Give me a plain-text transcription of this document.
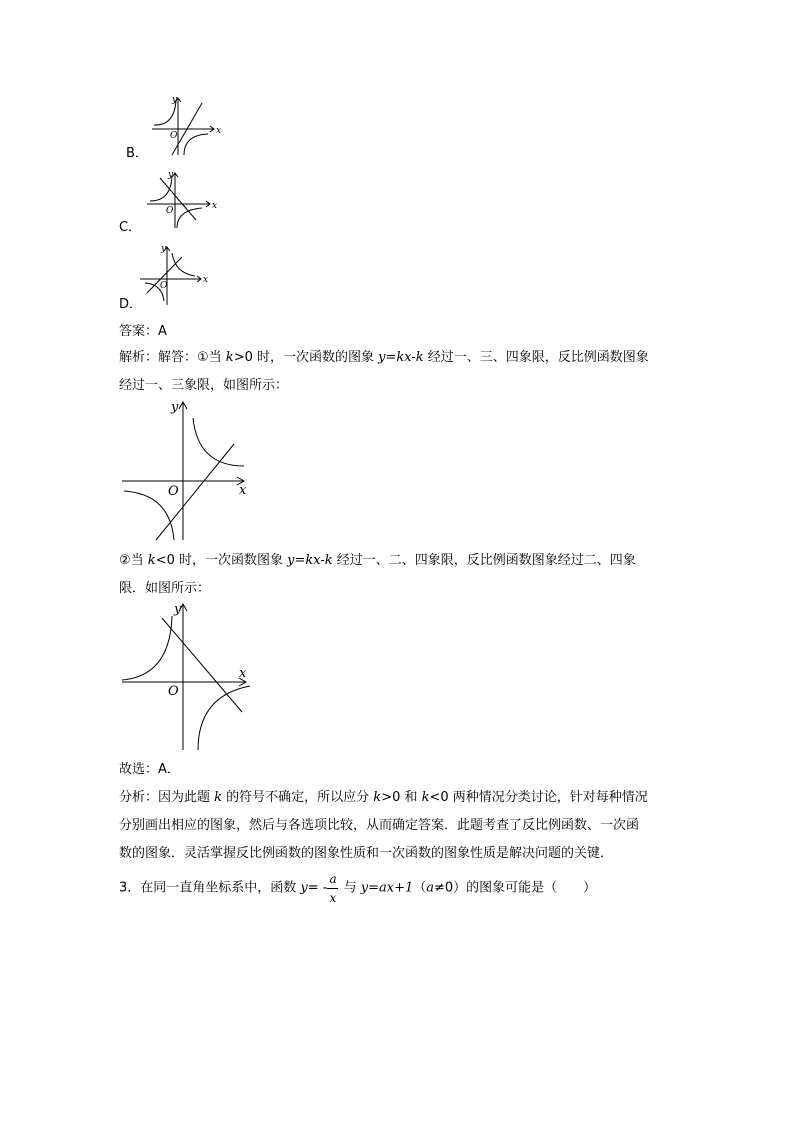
x
y
O
B．
x
y
O
C．
x
y
O
D．
答案：A
解析：解答：①当 k>0 时，一次函数的图象 y=kx-k 经过一、三、四象限，反比例函数图象
经过一、三象限，如图所示：
x
y
O
②当 k<0 时，一次函数图象 y=kx-k 经过一、二、四象限，反比例函数图象经过二、四象
限．如图所示：
x
y
O
故选：A．
分析：因为此题 k 的符号不确定，所以应分 k>0 和 k<0 两种情况分类讨论，针对每种情况
分别画出相应的图象，然后与各选项比较，从而确定答案．此题考查了反比例函数、一次函
数的图象．灵活掌握反比例函数的图象性质和一次函数的图象性质是解决问题的关键．
3．在同一直角坐标系中，函数 $y= - \frac{a}{x}$ 与 y=ax+1（a≠0）的图象可能是（　　）
